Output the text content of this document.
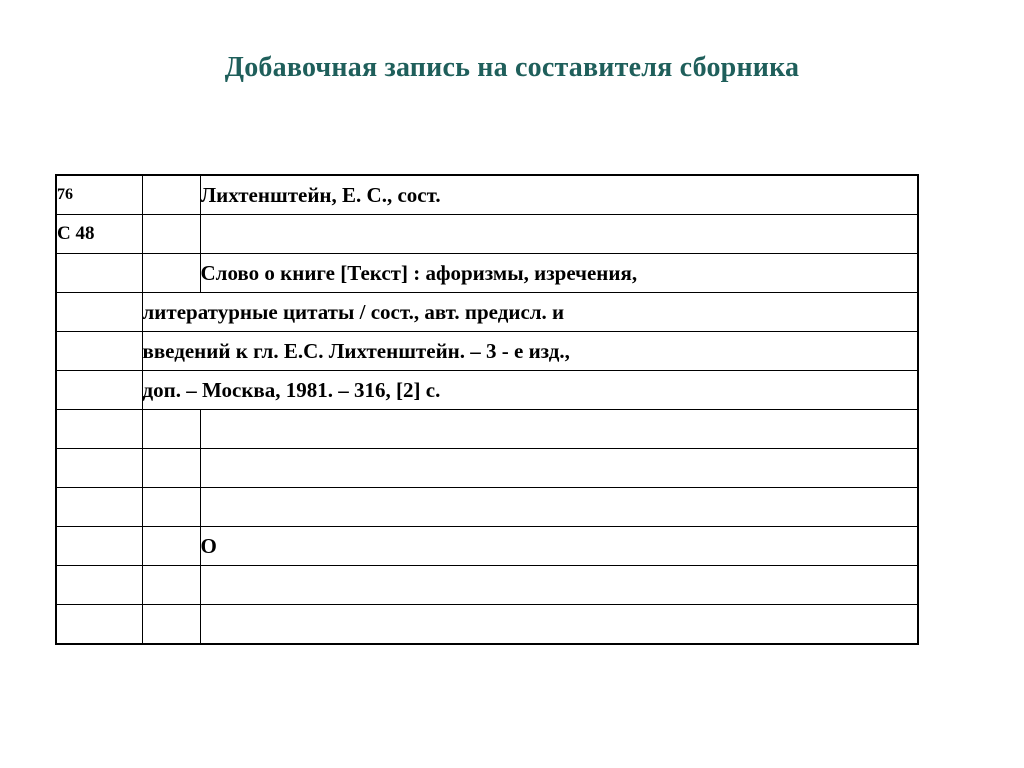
Добавочная запись на составителя сборника
76		Лихтенштейн, Е. С., сост.
С 48		
		Слово о книге [Текст] : афоризмы, изречения,
	литературные цитаты / сост., авт. предисл. и	
	введений к гл. Е.С. Лихтенштейн. – 3 - е изд.,	
	доп. – Москва, 1981. – 316, [2] с.	

		О
